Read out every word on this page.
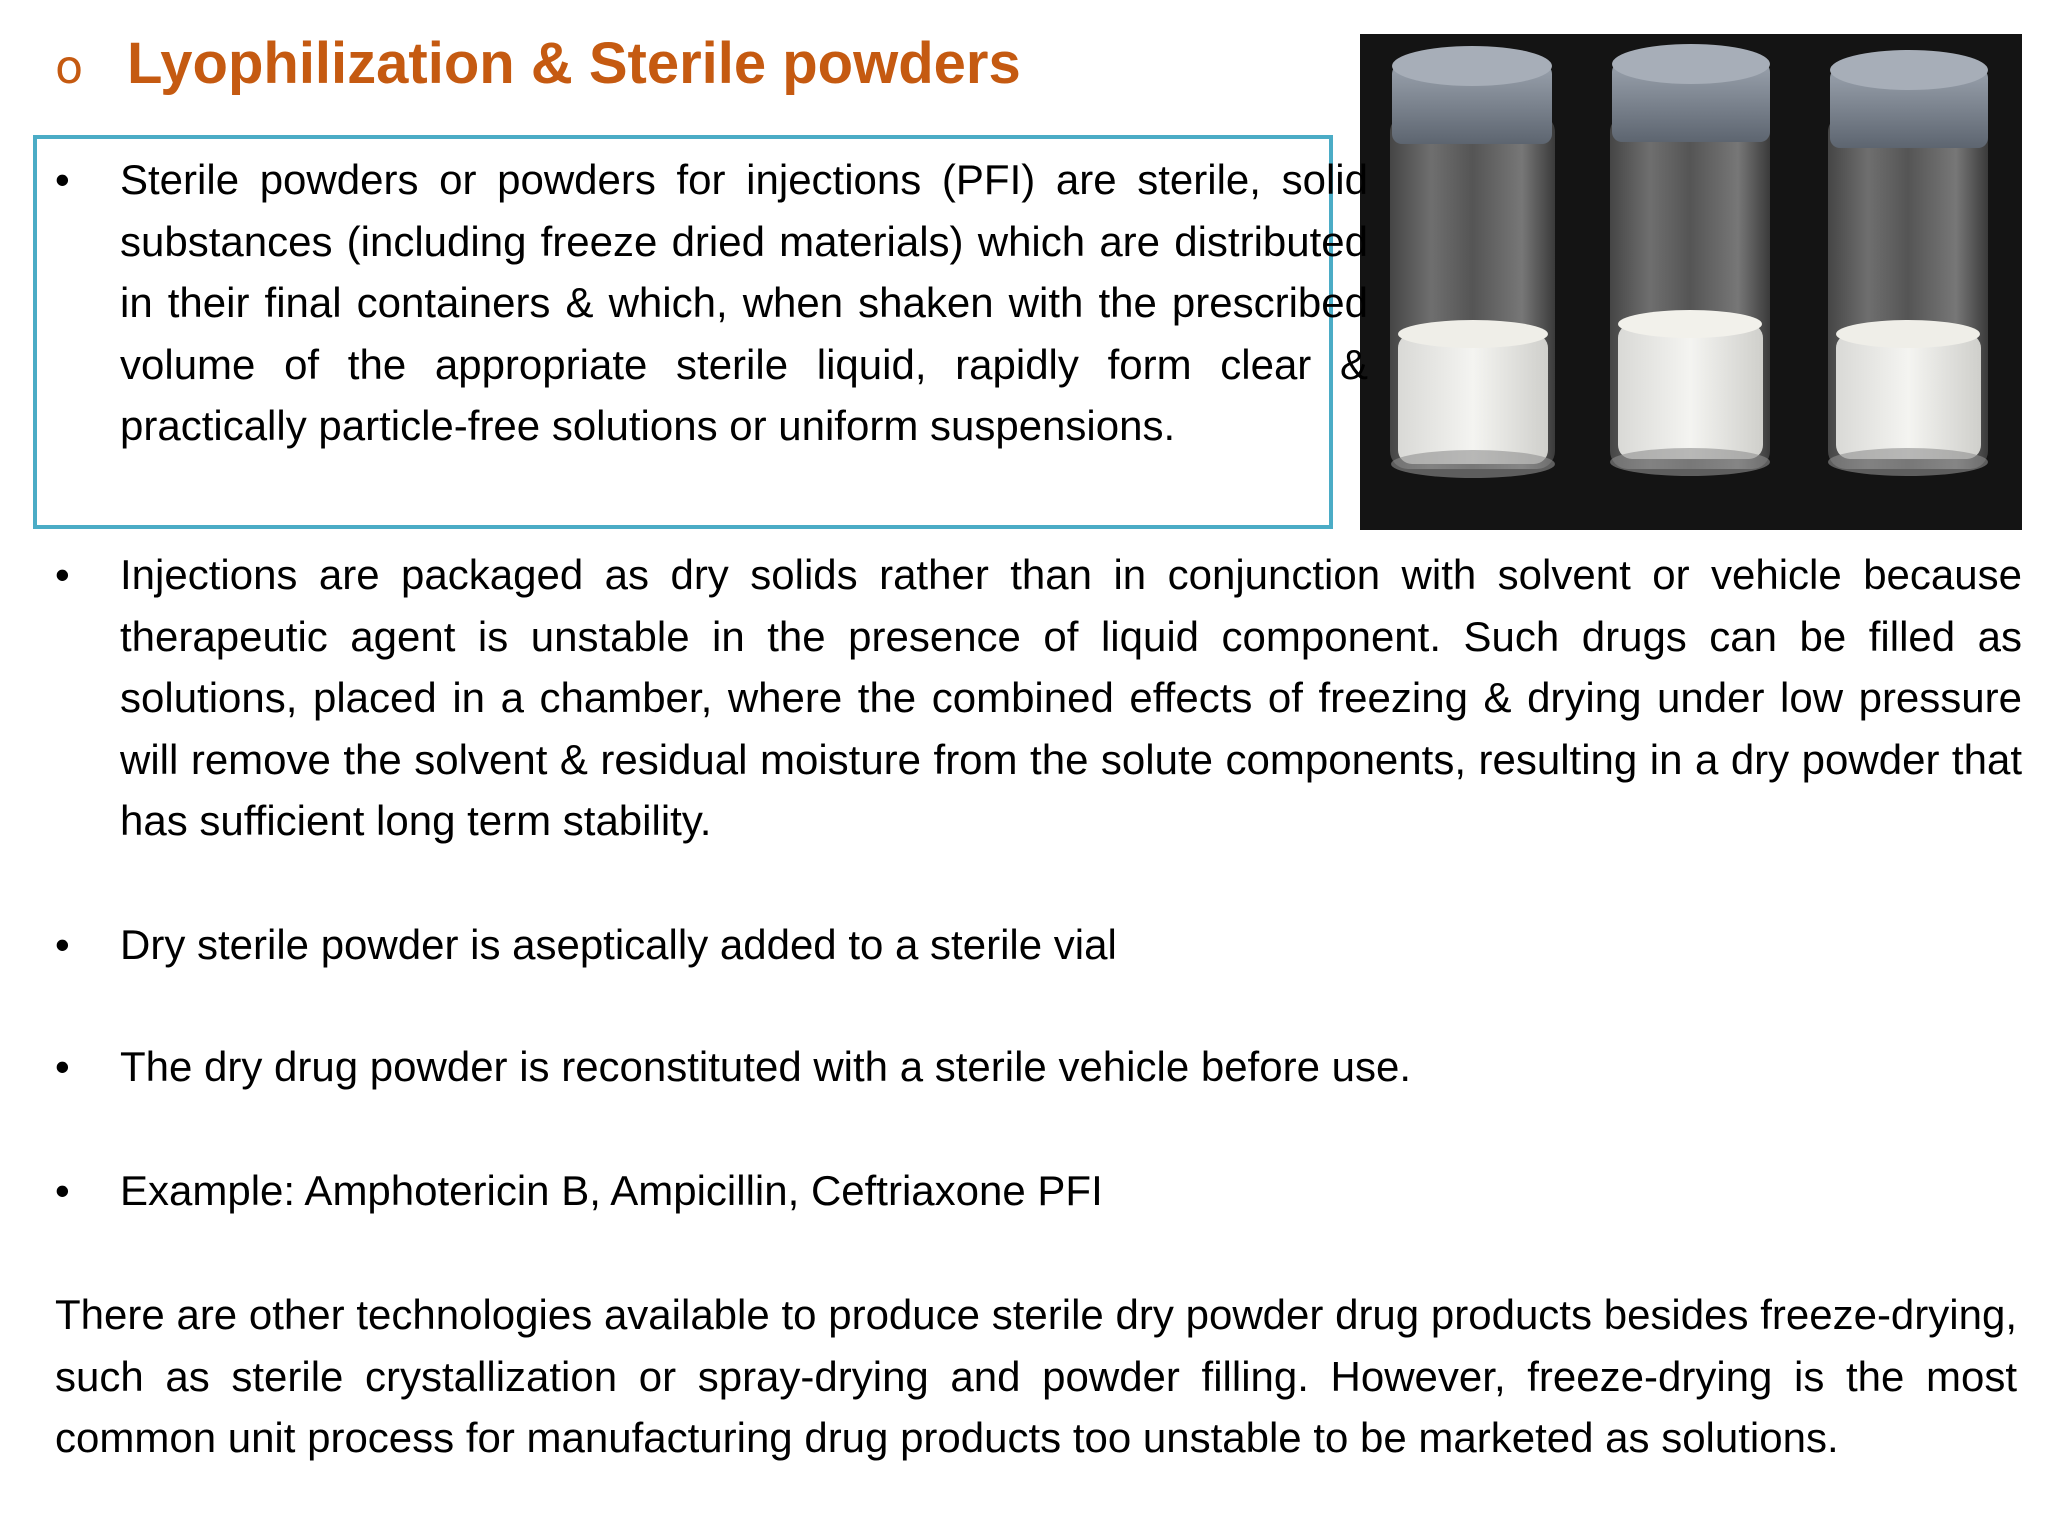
o Lyophilization & Sterile powders
•	Sterile powders or powders for injections (PFI) are sterile, solid substances (including freeze dried materials) which are distributed in their final containers & which, when shaken with the prescribed volume of the appropriate sterile liquid, rapidly form clear & practically particle-free solutions or uniform suspensions.
•	Injections are packaged as dry solids rather than in conjunction with solvent or vehicle because therapeutic agent is unstable in the presence of liquid component. Such drugs can be filled as solutions, placed in a chamber, where the combined effects of freezing & drying under low pressure will remove the solvent & residual moisture from the solute components, resulting in a dry powder that has sufficient long term stability.
•	Dry sterile powder is aseptically added to a sterile vial
•	The dry drug powder is reconstituted with a sterile vehicle before use.
•	Example: Amphotericin B, Ampicillin, Ceftriaxone PFI
There are other technologies available to produce sterile dry powder drug products besides freeze-drying, such as sterile crystallization or spray-drying and powder filling. However, freeze-drying is the most common unit process for manufacturing drug products too unstable to be marketed as solutions.
